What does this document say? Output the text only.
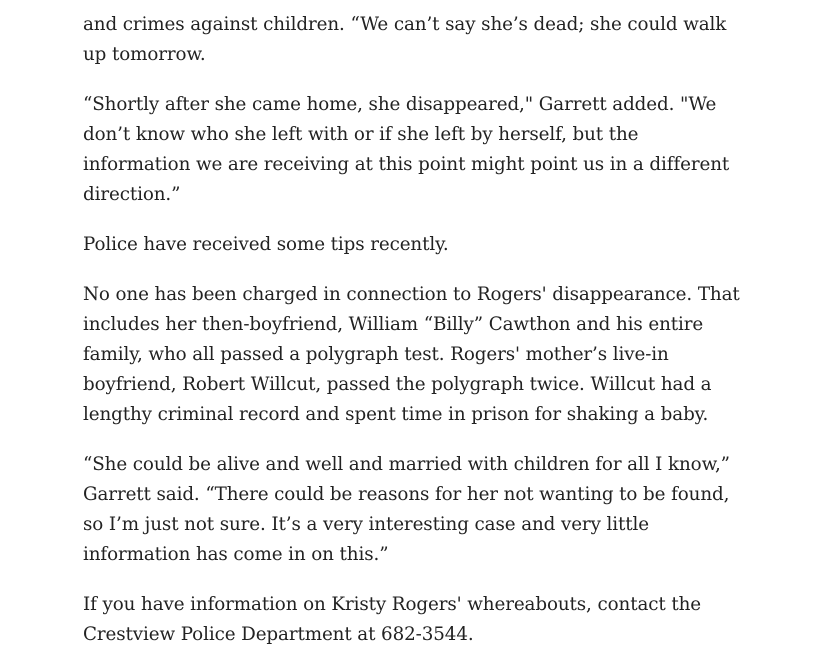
and crimes against children. “We can’t say she’s dead; she could walk up tomorrow.

“Shortly after she came home, she disappeared," Garrett added. "We don’t know who she left with or if she left by herself, but the information we are receiving at this point might point us in a different direction.”

Police have received some tips recently.

No one has been charged in connection to Rogers' disappearance. That includes her then-boyfriend, William “Billy” Cawthon and his entire family, who all passed a polygraph test. Rogers' mother’s live-in boyfriend, Robert Willcut, passed the polygraph twice. Willcut had a lengthy criminal record and spent time in prison for shaking a baby.

“She could be alive and well and married with children for all I know,” Garrett said. “There could be reasons for her not wanting to be found, so I’m just not sure. It’s a very interesting case and very little information has come in on this.”

If you have information on Kristy Rogers' whereabouts, contact the Crestview Police Department at 682-3544.
